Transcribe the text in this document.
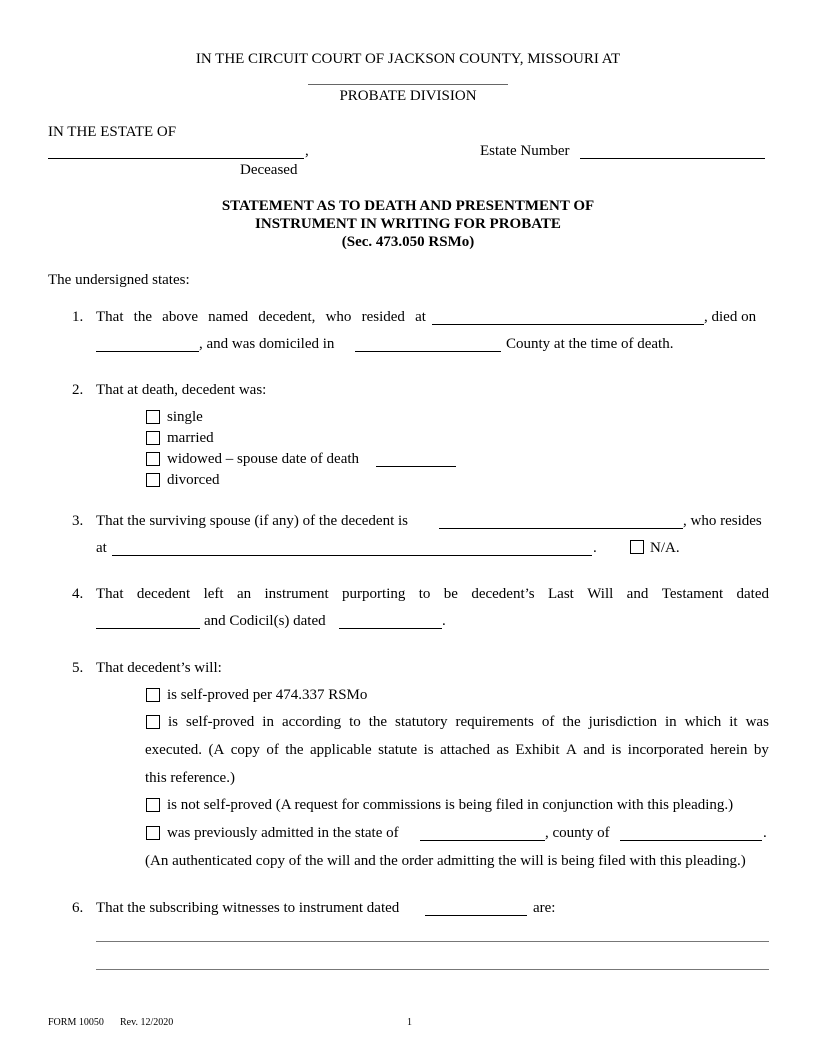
IN THE CIRCUIT COURT OF JACKSON COUNTY, MISSOURI AT
PROBATE DIVISION
IN THE ESTATE OF
,
Deceased
Estate Number
STATEMENT AS TO DEATH AND PRESENTMENT OF
INSTRUMENT IN WRITING FOR PROBATE
(Sec. 473.050 RSMo)
The undersigned states:
1. That the above named decedent, who resided at	, died on
, and was domiciled in	County at the time of death.
2. That at death, decedent was:
single
married
widowed – spouse date of death
divorced
3. That the surviving spouse (if any) of the decedent is	, who resides
at	.	N/A.
4. That decedent left an instrument purporting to be decedent’s Last Will and Testament dated
and Codicil(s) dated	.
5. That decedent’s will:
is self-proved per 474.337 RSMo
is self-proved in according to the statutory requirements of the jurisdiction in which it was
executed. (A copy of the applicable statute is attached as Exhibit A and is incorporated herein by
this reference.)
is not self-proved (A request for commissions is being filed in conjunction with this pleading.)
was previously admitted in the state of	, county of	.
(An authenticated copy of the will and the order admitting the will is being filed with this pleading.)
6. That the subscribing witnesses to instrument dated	are:
FORM 10050 Rev. 12/2020	1
